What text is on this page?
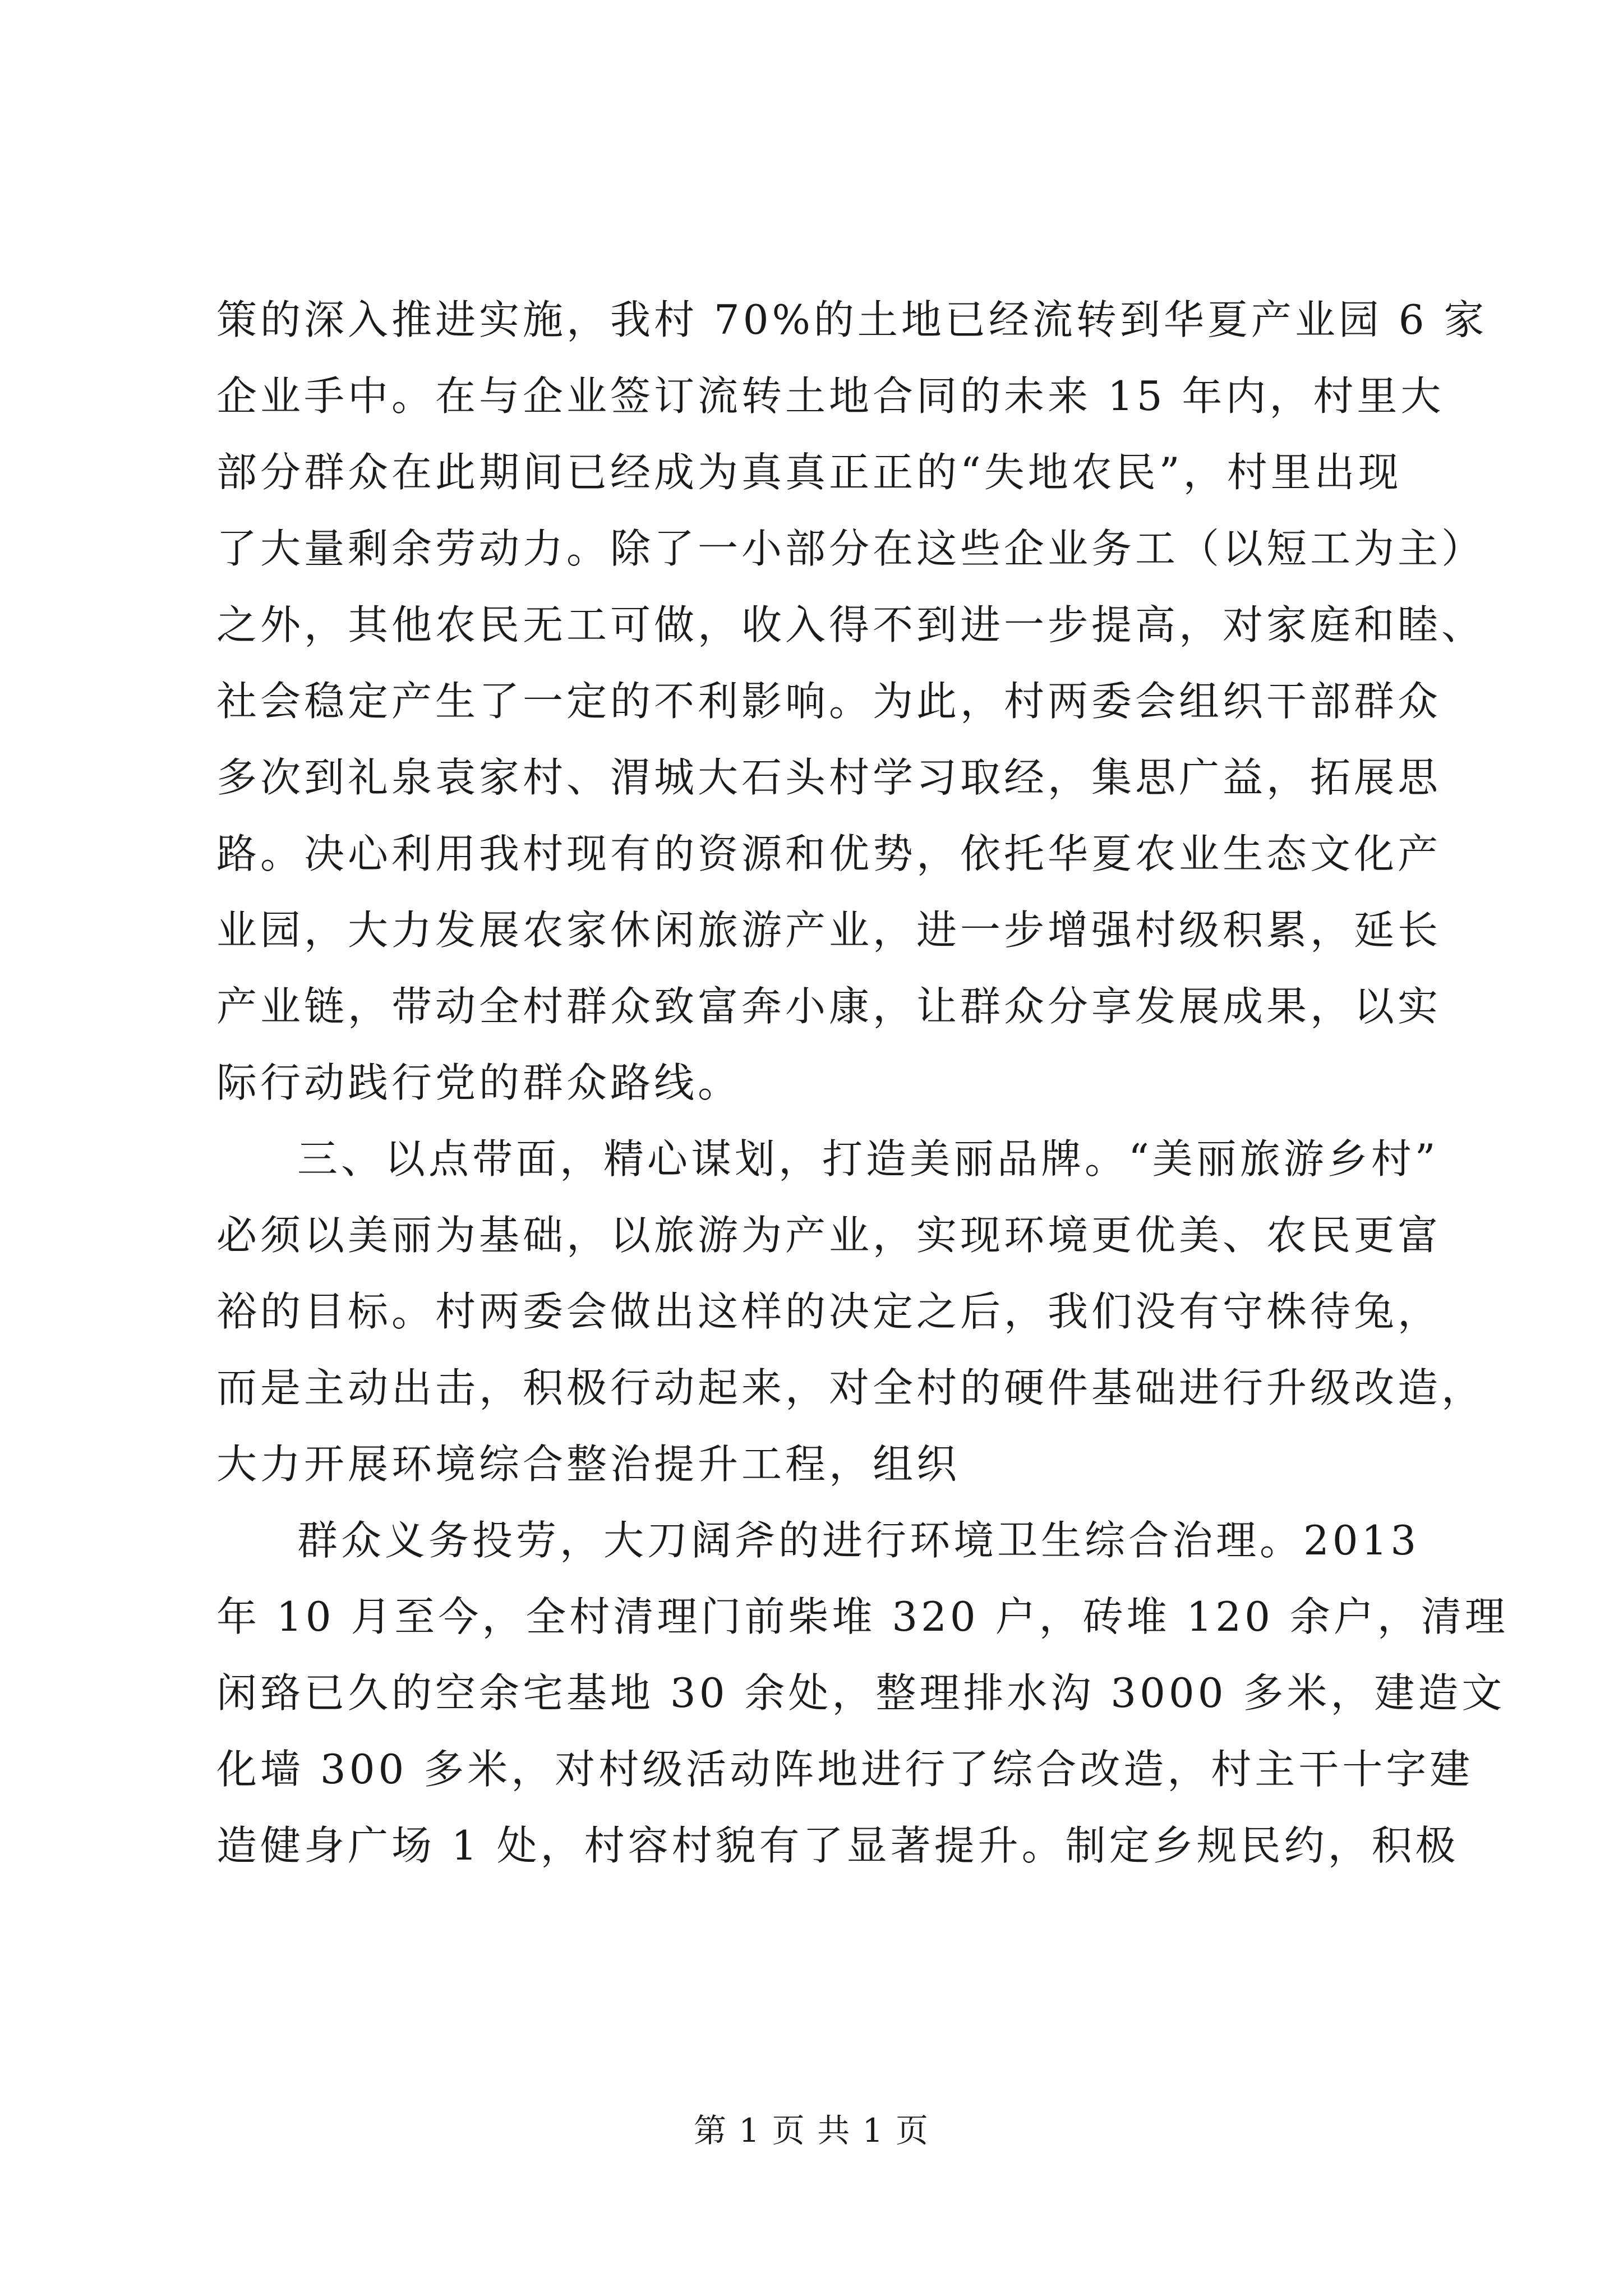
策的深入推进实施，我村 70%的土地已经流转到华夏产业园 6 家
企业手中。在与企业签订流转土地合同的未来 15 年内，村里大
部分群众在此期间已经成为真真正正的“失地农民”，村里出现
了大量剩余劳动力。除了一小部分在这些企业务工（以短工为主）
之外，其他农民无工可做，收入得不到进一步提高，对家庭和睦、
社会稳定产生了一定的不利影响。为此，村两委会组织干部群众
多次到礼泉袁家村、渭城大石头村学习取经，集思广益，拓展思
路。决心利用我村现有的资源和优势，依托华夏农业生态文化产
业园，大力发展农家休闲旅游产业，进一步增强村级积累，延长
产业链，带动全村群众致富奔小康，让群众分享发展成果，以实
际行动践行党的群众路线。
三、以点带面，精心谋划，打造美丽品牌。“美丽旅游乡村”
必须以美丽为基础，以旅游为产业，实现环境更优美、农民更富
裕的目标。村两委会做出这样的决定之后，我们没有守株待兔，
而是主动出击，积极行动起来，对全村的硬件基础进行升级改造，
大力开展环境综合整治提升工程，组织
群众义务投劳，大刀阔斧的进行环境卫生综合治理。2013
年 10 月至今，全村清理门前柴堆 320 户，砖堆 120 余户，清理
闲臵已久的空余宅基地 30 余处，整理排水沟 3000 多米，建造文
化墙 300 多米，对村级活动阵地进行了综合改造，村主干十字建
造健身广场 1 处，村容村貌有了显著提升。制定乡规民约，积极
第 1 页 共 1 页
